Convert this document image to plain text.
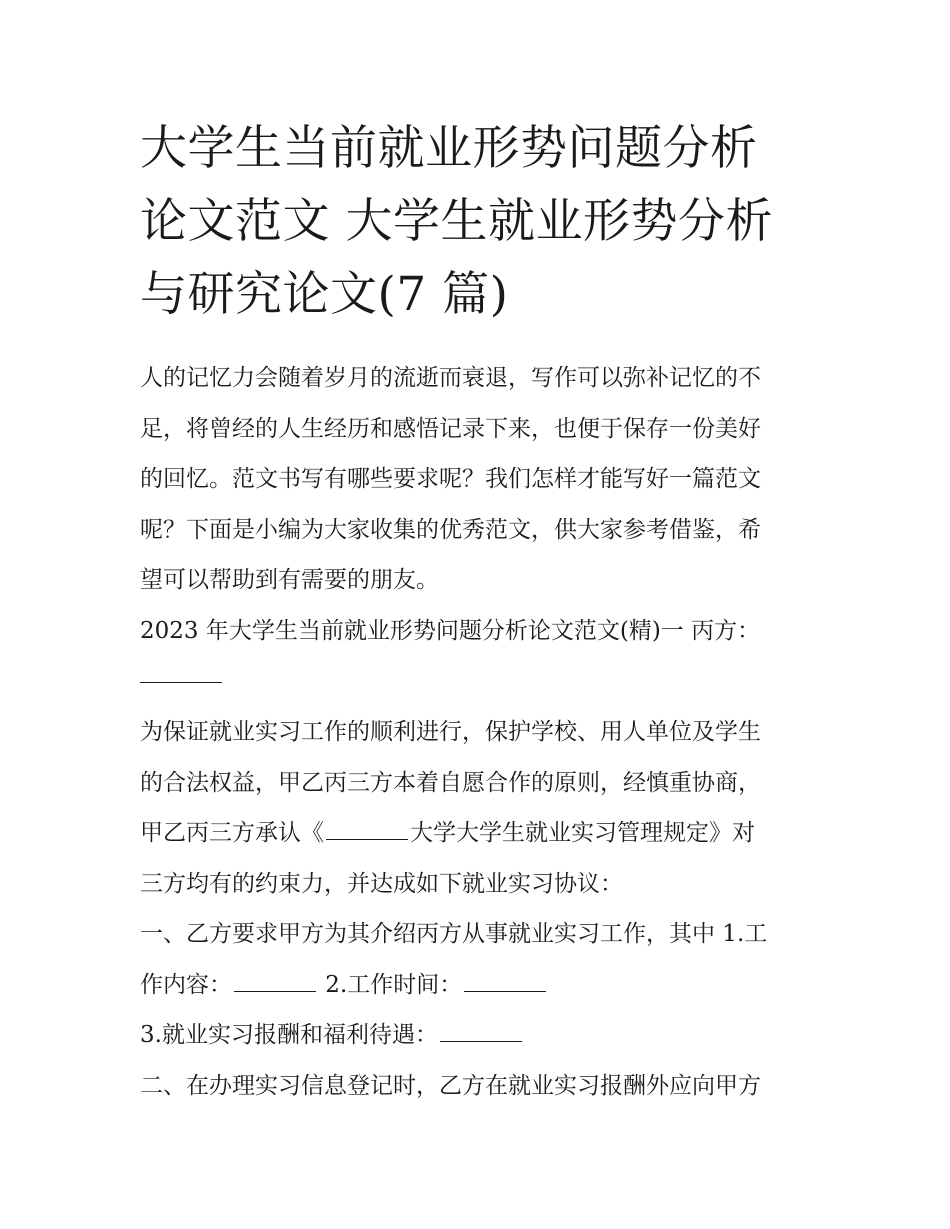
大学生当前就业形势问题分析
论文范文 大学生就业形势分析
与研究论文(7 篇)

人的记忆力会随着岁月的流逝而衰退，写作可以弥补记忆的不

足，将曾经的人生经历和感悟记录下来，也便于保存一份美好

的回忆。范文书写有哪些要求呢？我们怎样才能写好一篇范文

呢？下面是小编为大家收集的优秀范文，供大家参考借鉴，希

望可以帮助到有需要的朋友。

2023 年大学生当前就业形势问题分析论文范文(精)一 丙方：

为保证就业实习工作的顺利进行，保护学校、用人单位及学生

的合法权益，甲乙丙三方本着自愿合作的原则，经慎重协商，

甲乙丙三方承认《	大学大学生就业实习管理规定》对

三方均有的约束力，并达成如下就业实习协议：

一、乙方要求甲方为其介绍丙方从事就业实习工作，其中 1.工

作内容：	2.工作时间：

3.就业实习报酬和福利待遇：

二、在办理实习信息登记时，乙方在就业实习报酬外应向甲方
